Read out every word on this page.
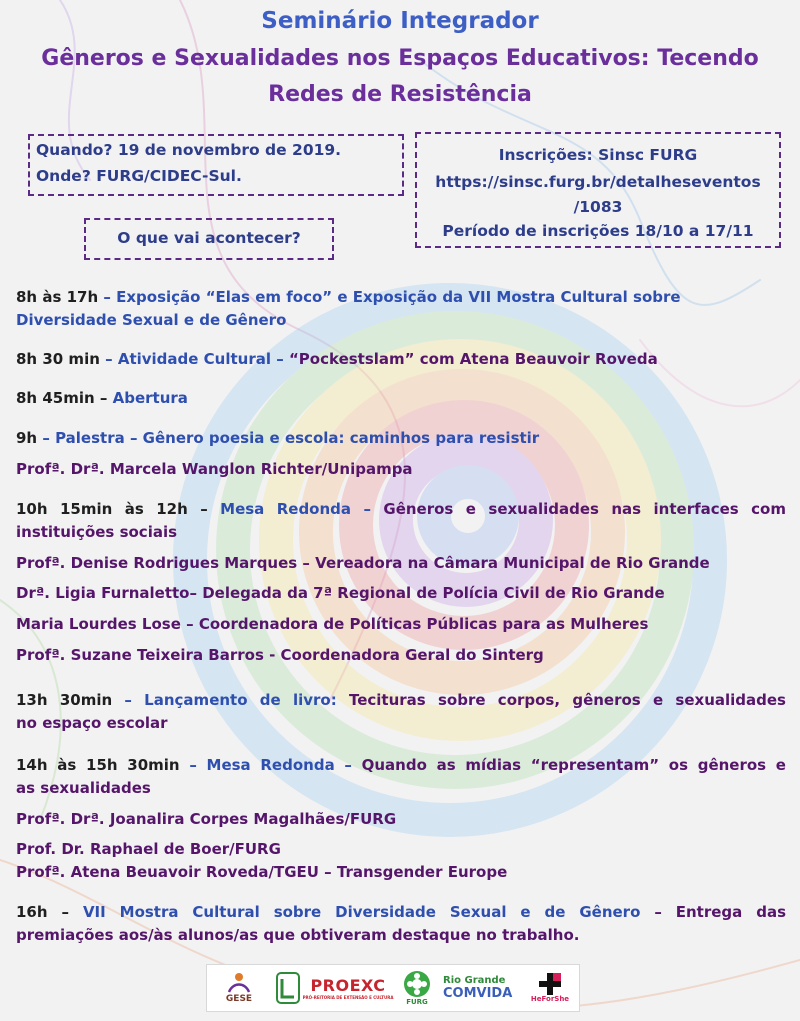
Seminário Integrador
Gêneros e Sexualidades nos Espaços Educativos: Tecendo
Redes de Resistência
Quando? 19 de novembro de 2019.
Onde? FURG/CIDEC-Sul.
O que vai acontecer?
Inscrições: Sinsc FURG
https://sinsc.furg.br/detalheseventos
/1083
Período de inscrições 18/10 a 17/11
8h às 17h – Exposição “Elas em foco” e Exposição da VII Mostra Cultural sobre
Diversidade Sexual e de Gênero
8h 30 min – Atividade Cultural – “Pockestslam” com Atena Beauvoir Roveda
8h 45min – Abertura
9h – Palestra – Gênero poesia e escola: caminhos para resistir
Profª. Drª. Marcela Wanglon Richter/Unipampa
10h 15min às 12h – Mesa Redonda – Gêneros e sexualidades nas interfaces com
instituições sociais
Profª. Denise Rodrigues Marques – Vereadora na Câmara Municipal de Rio Grande
Drª. Ligia Furnaletto– Delegada da 7ª Regional de Polícia Civil de Rio Grande
Maria Lourdes Lose – Coordenadora de Políticas Públicas para as Mulheres
Profª. Suzane Teixeira Barros - Coordenadora Geral do Sinterg
13h 30min – Lançamento de livro: Tecituras sobre corpos, gêneros e sexualidades
no espaço escolar
14h às 15h 30min – Mesa Redonda – Quando as mídias “representam” os gêneros e
as sexualidades
Profª. Drª. Joanalira Corpes Magalhães/FURG
Prof. Dr. Raphael de Boer/FURG
Profª. Atena Beuavoir Roveda/TGEU – Transgender Europe
16h – VII Mostra Cultural sobre Diversidade Sexual e de Gênero – Entrega das
premiações aos/às alunos/as que obtiveram destaque no trabalho.
GESE
PROEXC
PRÓ-REITORIA DE EXTENSÃO E CULTURA
FURG
Rio Grande
COMVIDA	HeForShe
